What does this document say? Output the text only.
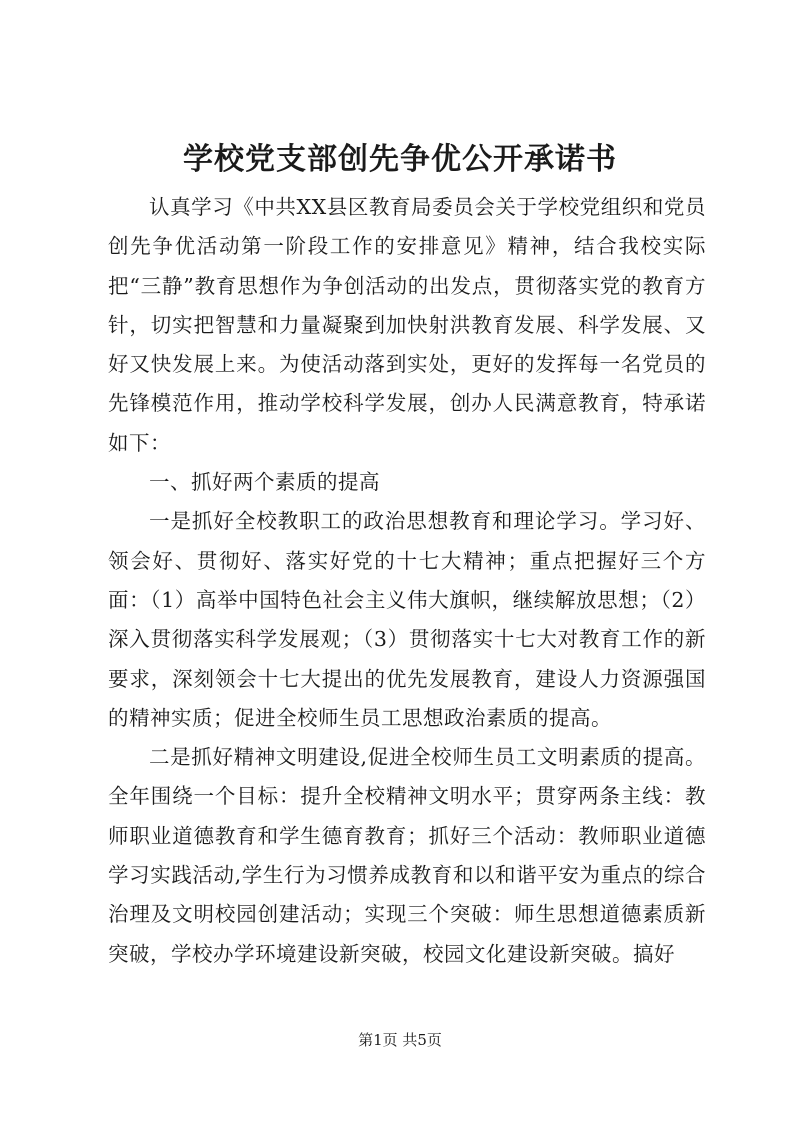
学校党支部创先争优公开承诺书

认真学习《中共XX县区教育局委员会关于学校党组织和党员创先争优活动第一阶段工作的安排意见》精神，结合我校实际把“三静”教育思想作为争创活动的出发点，贯彻落实党的教育方针，切实把智慧和力量凝聚到加快射洪教育发展、科学发展、又好又快发展上来。为使活动落到实处，更好的发挥每一名党员的先锋模范作用，推动学校科学发展，创办人民满意教育，特承诺如下：

一、抓好两个素质的提高

一是抓好全校教职工的政治思想教育和理论学习。学习好、领会好、贯彻好、落实好党的十七大精神；重点把握好三个方面：（1）高举中国特色社会主义伟大旗帜，继续解放思想；（2）深入贯彻落实科学发展观；（3）贯彻落实十七大对教育工作的新要求，深刻领会十七大提出的优先发展教育，建设人力资源强国的精神实质；促进全校师生员工思想政治素质的提高。

二是抓好精神文明建设,促进全校师生员工文明素质的提高。全年围绕一个目标：提升全校精神文明水平；贯穿两条主线：教师职业道德教育和学生德育教育；抓好三个活动：教师职业道德学习实践活动,学生行为习惯养成教育和以和谐平安为重点的综合治理及文明校园创建活动；实现三个突破：师生思想道德素质新突破，学校办学环境建设新突破，校园文化建设新突破。搞好

第1页 共5页
